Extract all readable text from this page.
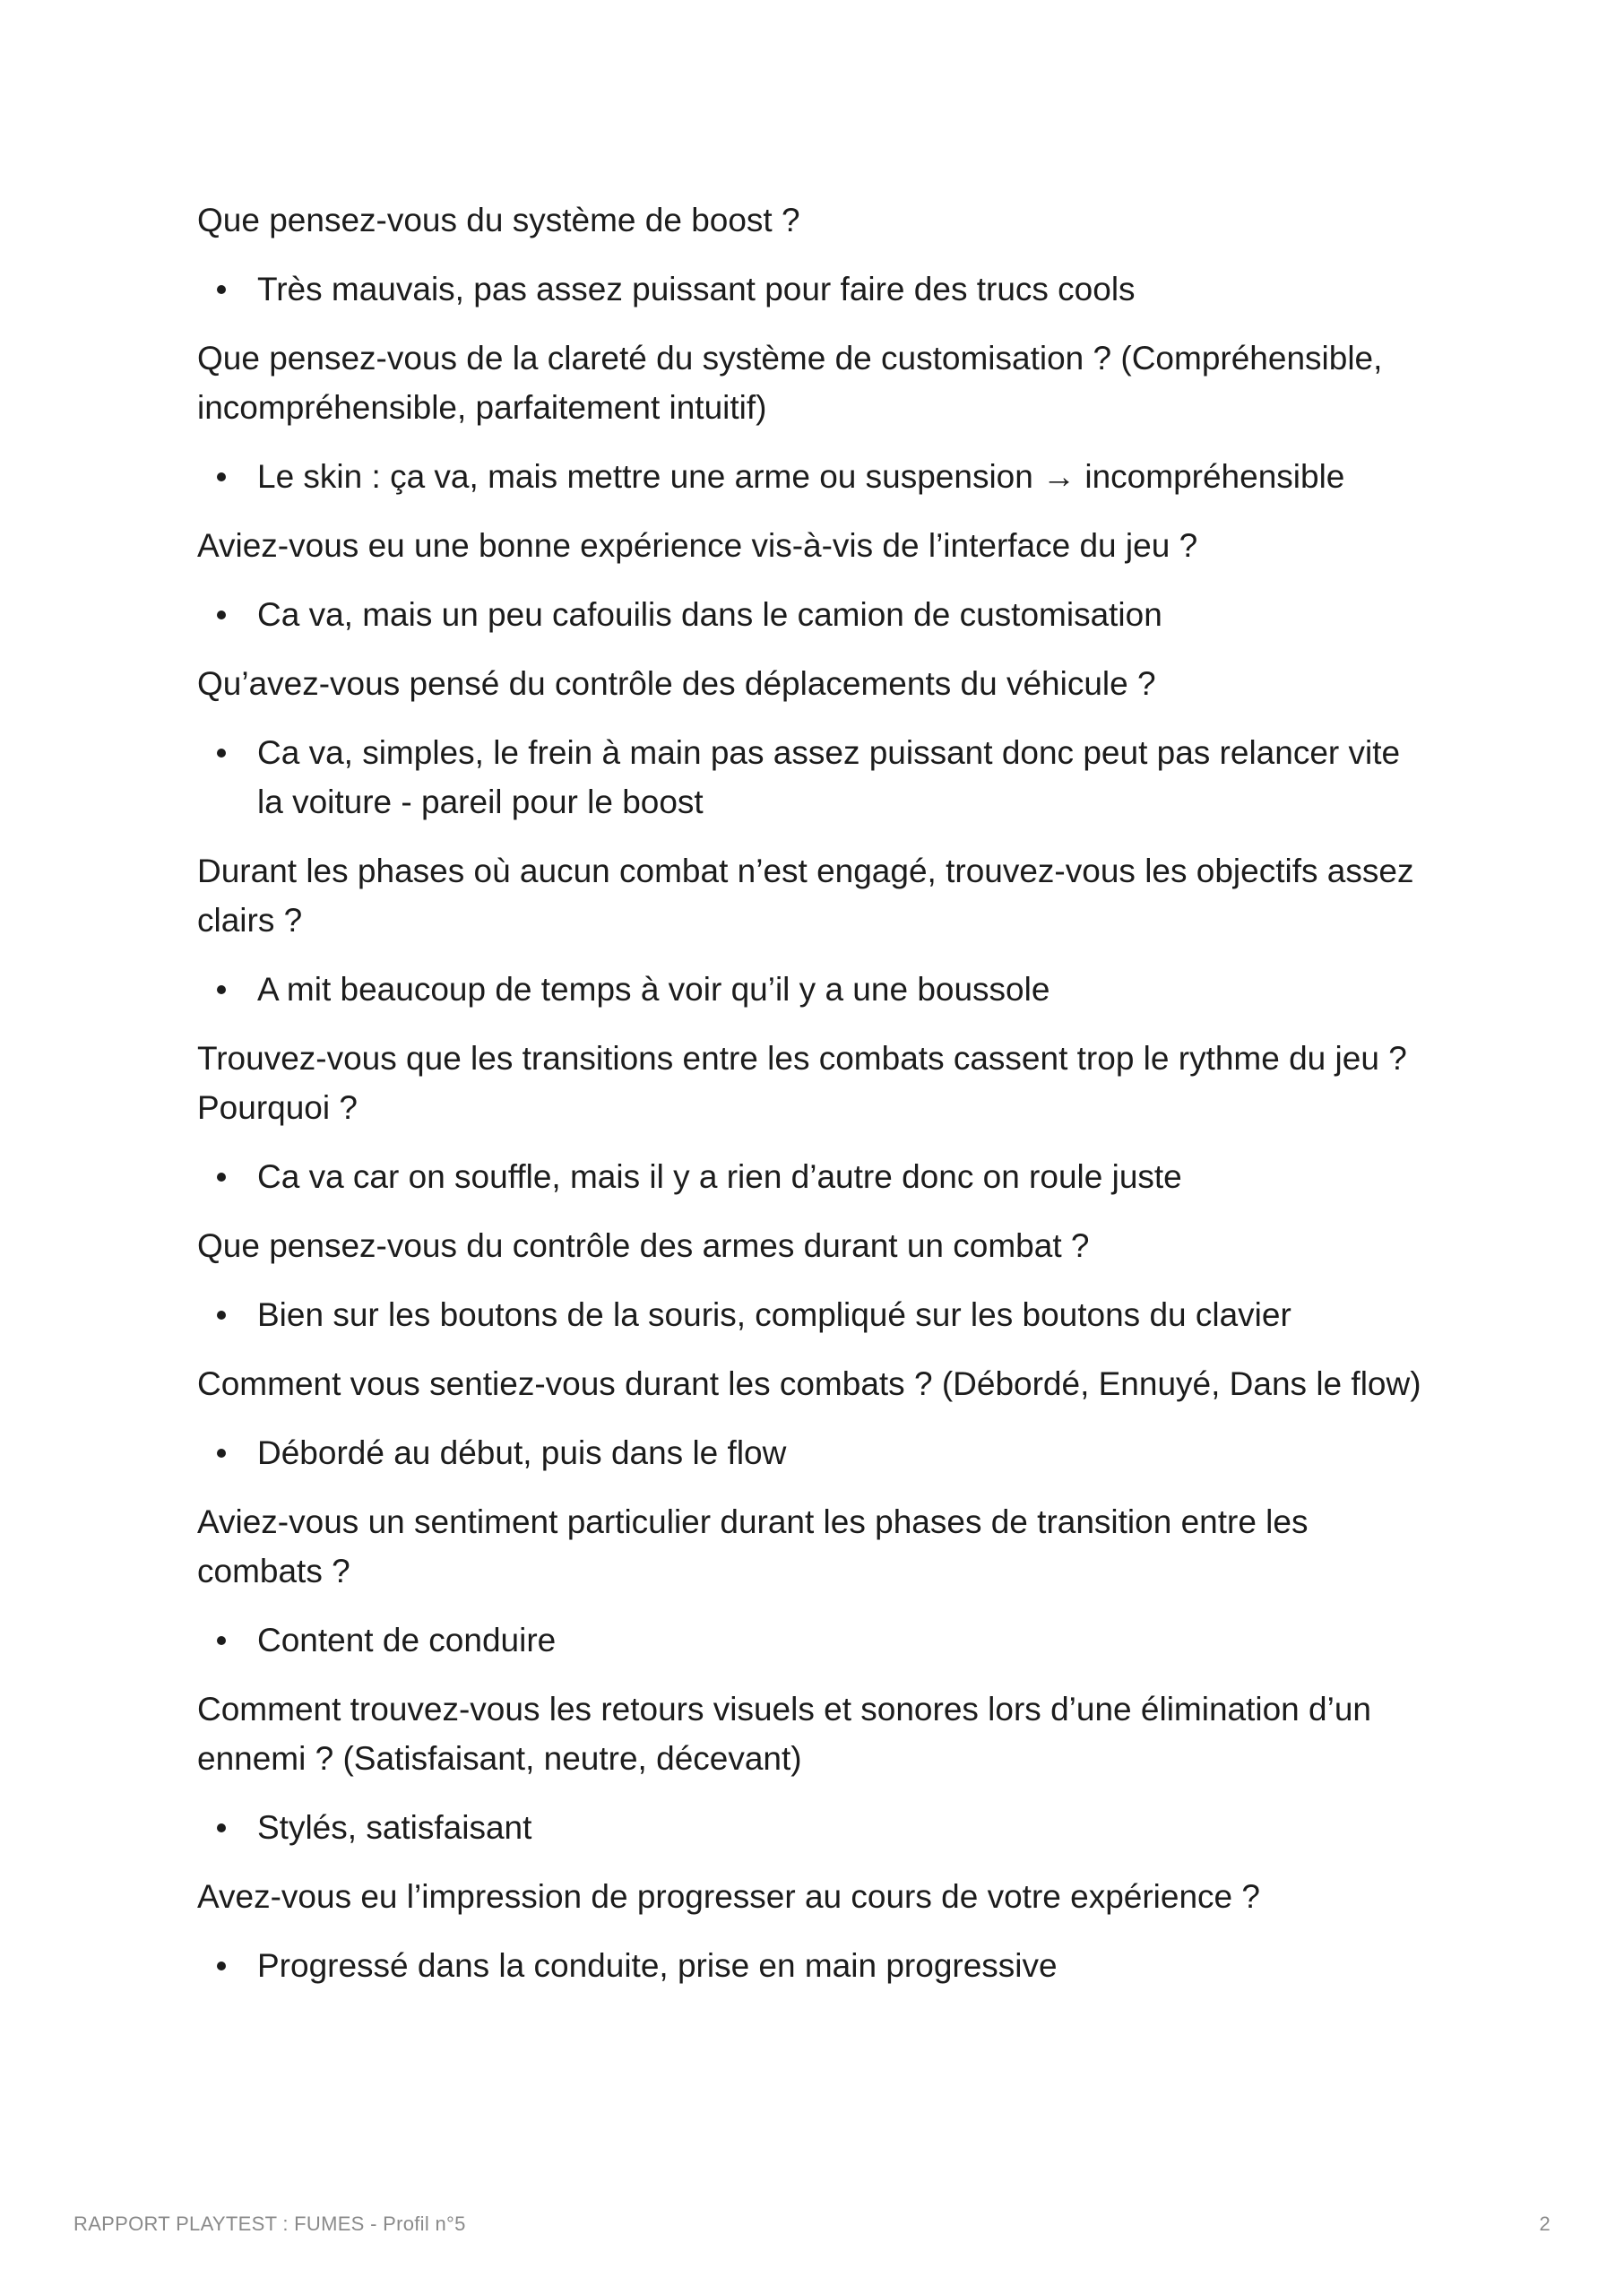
Que pensez-vous du système de boost ?

Très mauvais, pas assez puissant pour faire des trucs cools

Que pensez-vous de la clareté du système de customisation ? (Compréhensible, incompréhensible, parfaitement intuitif)

Le skin : ça va, mais mettre une arme ou suspension → incompréhensible

Aviez-vous eu une bonne expérience vis-à-vis de l’interface du jeu ?

Ca va, mais un peu cafouilis dans le camion de customisation

Qu’avez-vous pensé du contrôle des déplacements du véhicule ?

Ca va, simples, le frein à main pas assez puissant donc peut pas relancer vite la voiture - pareil pour le boost

Durant les phases où aucun combat n’est engagé, trouvez-vous les objectifs assez clairs ?

A mit beaucoup de temps à voir qu’il y a une boussole

Trouvez-vous que les transitions entre les combats cassent trop le rythme du jeu ? Pourquoi ?

Ca va car on souffle, mais il y a rien d’autre donc on roule juste

Que pensez-vous du contrôle des armes durant un combat ?

Bien sur les boutons de la souris, compliqué sur les boutons du clavier

Comment vous sentiez-vous durant les combats ? (Débordé, Ennuyé, Dans le flow)

Débordé au début, puis dans le flow

Aviez-vous un sentiment particulier durant les phases de transition entre les combats ?

Content de conduire

Comment trouvez-vous les retours visuels et sonores lors d’une élimination d’un ennemi ? (Satisfaisant, neutre, décevant)

Stylés, satisfaisant

Avez-vous eu l’impression de progresser au cours de votre expérience ?

Progressé dans la conduite, prise en main progressive
RAPPORT PLAYTEST : FUMES - Profil n°5	2
